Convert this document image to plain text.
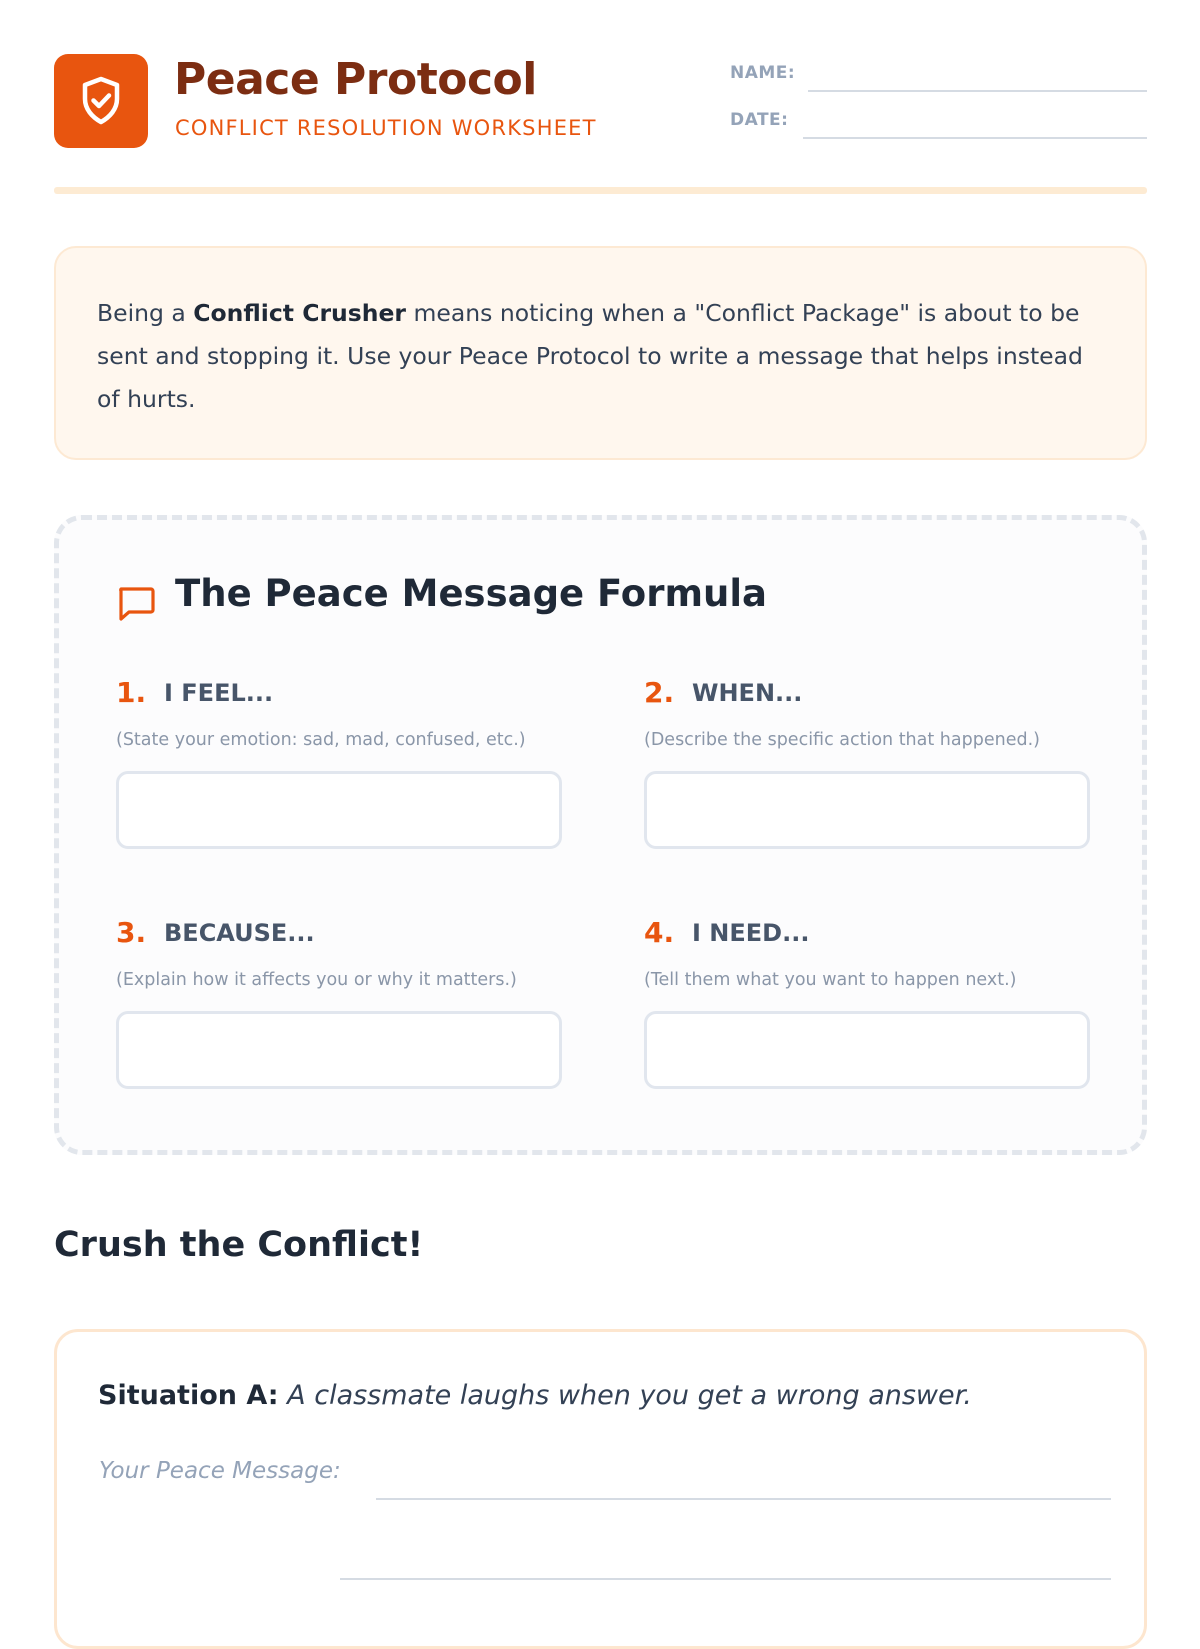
Peace Protocol
CONFLICT RESOLUTION WORKSHEET
NAME:
DATE:
Being a Conflict Crusher means noticing when a "Conflict Package" is about to be sent and stopping it. Use your Peace Protocol to write a message that helps instead of hurts.
The Peace Message Formula
1. I FEEL...
(State your emotion: sad, mad, confused, etc.)
2. WHEN...
(Describe the specific action that happened.)
3. BECAUSE...
(Explain how it affects you or why it matters.)
4. I NEED...
(Tell them what you want to happen next.)
Crush the Conflict!
Situation A: A classmate laughs when you get a wrong answer.
Your Peace Message:
